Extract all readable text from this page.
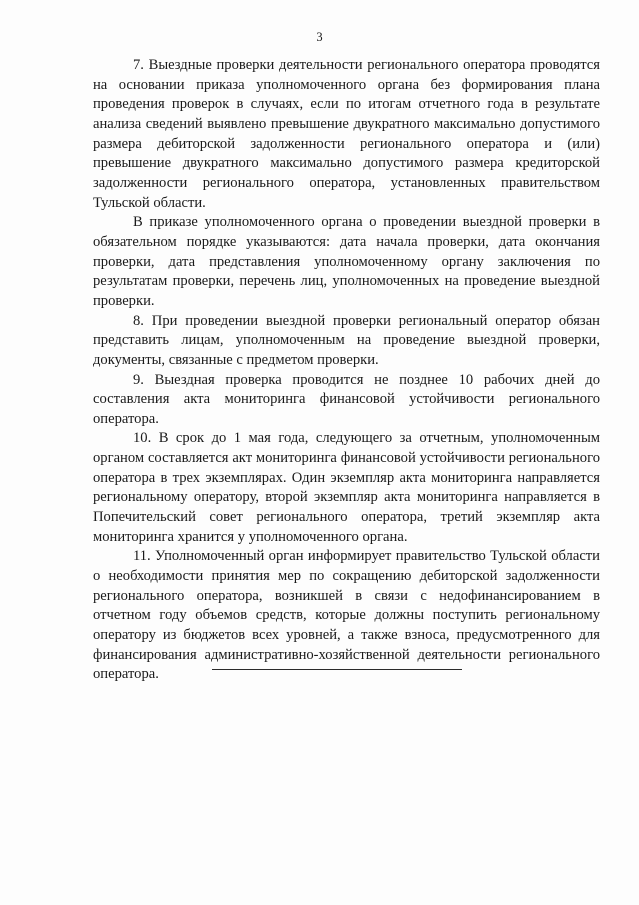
3

7. Выездные проверки деятельности регионального оператора проводятся на основании приказа уполномоченного органа без формирования плана проведения проверок в случаях, если по итогам отчетного года в результате анализа сведений выявлено превышение двукратного максимально допустимого размера дебиторской задолженности регионального оператора и (или) превышение двукратного максимально допустимого размера кредиторской задолженности регионального оператора, установленных правительством Тульской области.

В приказе уполномоченного органа о проведении выездной проверки в обязательном порядке указываются: дата начала проверки, дата окончания проверки, дата представления уполномоченному органу заключения по результатам проверки, перечень лиц, уполномоченных на проведение выездной проверки.

8. При проведении выездной проверки региональный оператор обязан представить лицам, уполномоченным на проведение выездной проверки, документы, связанные с предметом проверки.

9. Выездная проверка проводится не позднее 10 рабочих дней до составления акта мониторинга финансовой устойчивости регионального оператора.

10. В срок до 1 мая года, следующего за отчетным, уполномоченным органом составляется акт мониторинга финансовой устойчивости регионального оператора в трех экземплярах. Один экземпляр акта мониторинга направляется региональному оператору, второй экземпляр акта мониторинга направляется в Попечительский совет регионального оператора, третий экземпляр акта мониторинга хранится у уполномоченного органа.

11. Уполномоченный орган информирует правительство Тульской области о необходимости принятия мер по сокращению дебиторской задолженности регионального оператора, возникшей в связи с недофинансированием в отчетном году объемов средств, которые должны поступить региональному оператору из бюджетов всех уровней, а также взноса, предусмотренного для финансирования административно-хозяйственной деятельности регионального оператора.
